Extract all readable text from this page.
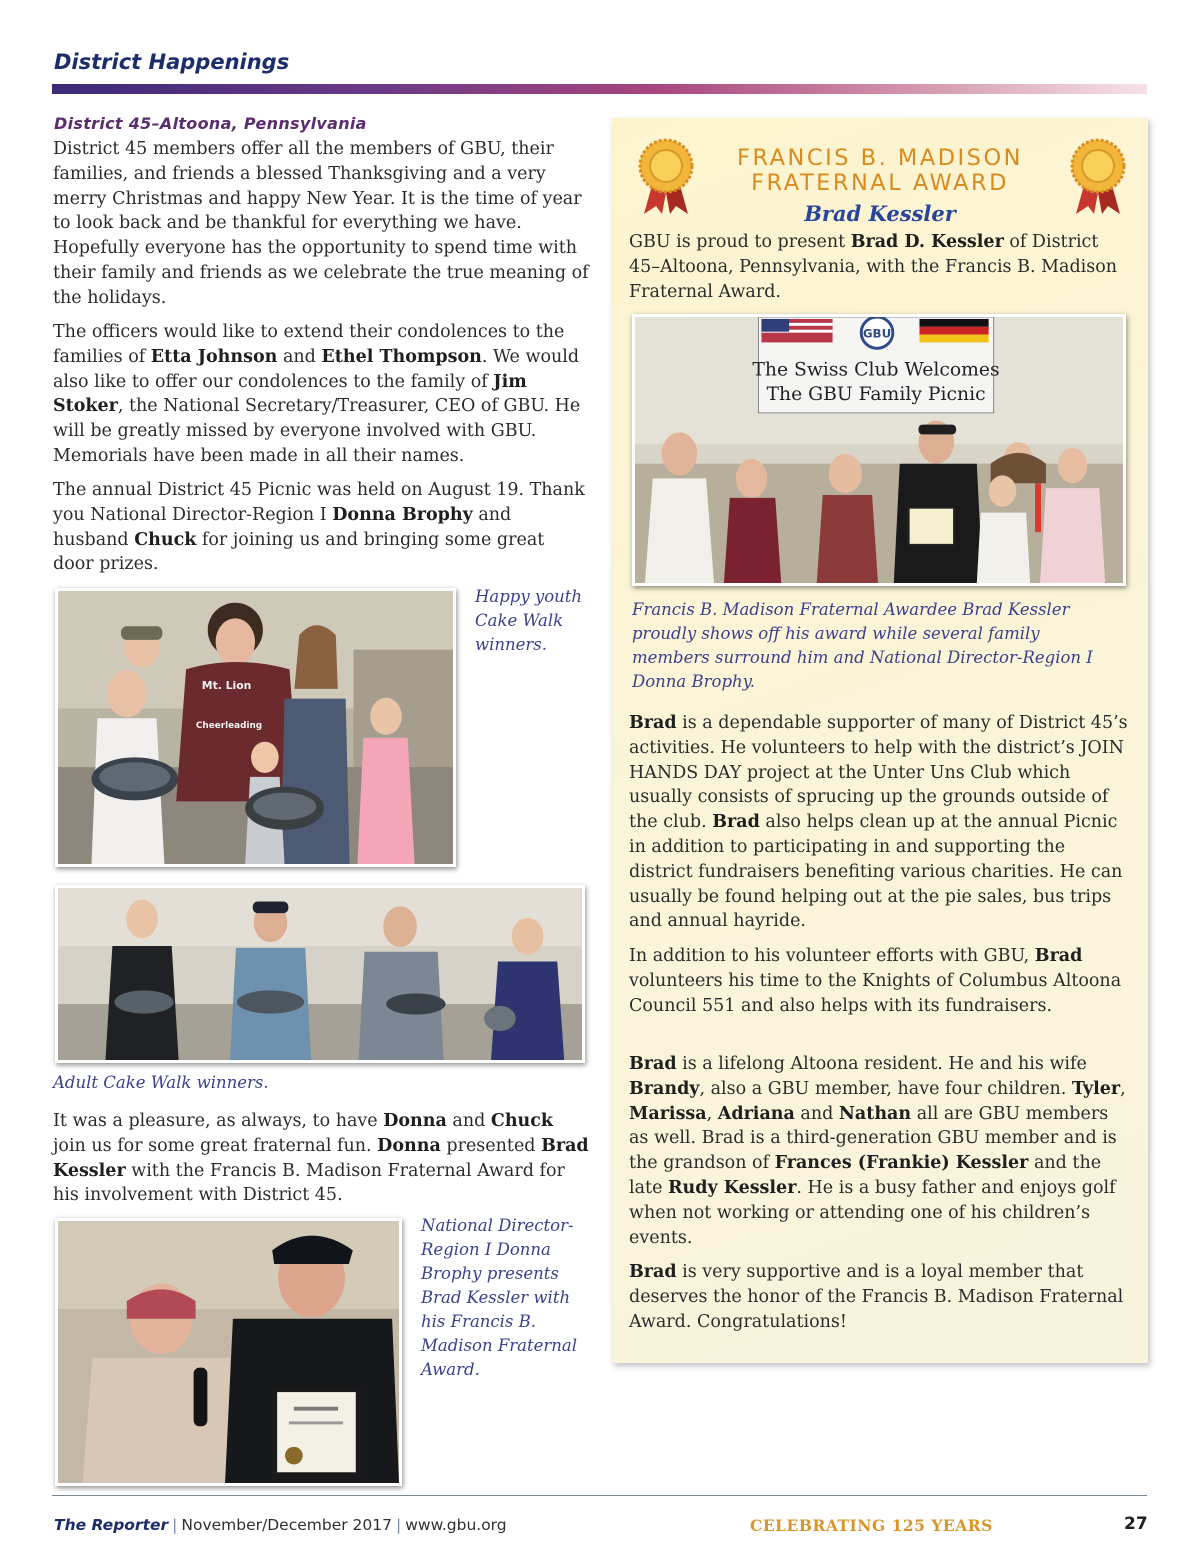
District Happenings
District 45–Altoona, Pennsylvania

District 45 members offer all the members of GBU, their families, and friends a blessed Thanksgiving and a very merry Christmas and happy New Year. It is the time of year to look back and be thankful for everything we have. Hopefully everyone has the opportunity to spend time with their family and friends as we celebrate the true meaning of the holidays.

The officers would like to extend their condolences to the families of Etta Johnson and Ethel Thompson. We would also like to offer our condolences to the family of Jim Stoker, the National Secretary/Treasurer, CEO of GBU. He will be greatly missed by everyone involved with GBU. Memorials have been made in all their names.

The annual District 45 Picnic was held on August 19. Thank you National Director-Region I Donna Brophy and husband Chuck for joining us and bringing some great door prizes.

Mt. Lion
Cheerleading

Happy youth Cake Walk winners.

Adult Cake Walk winners.

It was a pleasure, as always, to have Donna and Chuck join us for some great fraternal fun. Donna presented Brad Kessler with the Francis B. Madison Fraternal Award for his involvement with District 45.

National Director-Region I Donna Brophy presents Brad Kessler with his Francis B. Madison Fraternal Award.

FRANCIS B. MADISON
FRATERNAL AWARD
Brad Kessler

GBU is proud to present Brad D. Kessler of District 45–Altoona, Pennsylvania, with the Francis B. Madison Fraternal Award.

GBU
The Swiss Club Welcomes
The GBU Family Picnic

Francis B. Madison Fraternal Awardee Brad Kessler proudly shows off his award while several family members surround him and National Director-Region I Donna Brophy.

Brad is a dependable supporter of many of District 45’s activities. He volunteers to help with the district’s JOIN HANDS DAY project at the Unter Uns Club which usually consists of sprucing up the grounds outside of the club. Brad also helps clean up at the annual Picnic in addition to participating in and supporting the district fundraisers benefiting various charities. He can usually be found helping out at the pie sales, bus trips and annual hayride.

In addition to his volunteer efforts with GBU, Brad volunteers his time to the Knights of Columbus Altoona Council 551 and also helps with its fundraisers.

Brad is a lifelong Altoona resident. He and his wife Brandy, also a GBU member, have four children. Tyler, Marissa, Adriana and Nathan all are GBU members as well. Brad is a third-generation GBU member and is the grandson of Frances (Frankie) Kessler and the late Rudy Kessler. He is a busy father and enjoys golf when not working or attending one of his children’s events.

Brad is very supportive and is a loyal member that deserves the honor of the Francis B. Madison Fraternal Award. Congratulations!

The Reporter | November/December 2017 | www.gbu.org	CELEBRATING 125 YEARS	27
